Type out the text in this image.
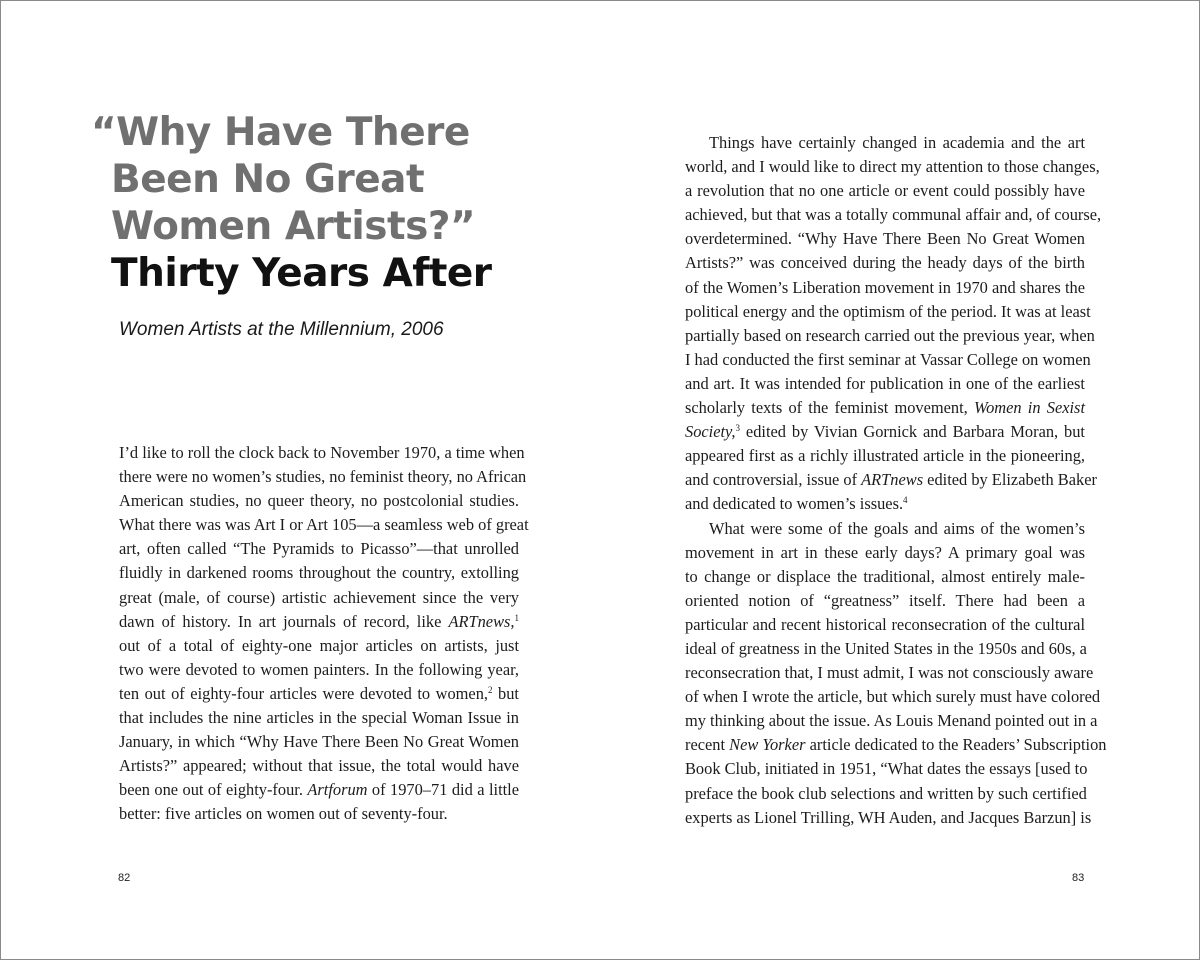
“Why Have There
Been No Great
Women Artists?”
Thirty Years After
Women Artists at the Millennium, 2006
I’d like to roll the clock back to November 1970, a time when
there were no women’s studies, no feminist theory, no African
American studies, no queer theory, no postcolonial studies.
What there was was Art I or Art 105—a seamless web of great
art, often called “The Pyramids to Picasso”—that unrolled
fluidly in darkened rooms throughout the country, extolling
great (male, of course) artistic achievement since the very
dawn of history. In art journals of record, like ARTnews,$^1$
out of a total of eighty-one major articles on artists, just
two were devoted to women painters. In the following year,
ten out of eighty-four articles were devoted to women,$^2$ but
that includes the nine articles in the special Woman Issue in
January, in which “Why Have There Been No Great Women
Artists?” appeared; without that issue, the total would have
been one out of eighty-four. Artforum of 1970–71 did a little
better: five articles on women out of seventy-four.
82
Things have certainly changed in academia and the art
world, and I would like to direct my attention to those changes,
a revolution that no one article or event could possibly have
achieved, but that was a totally communal affair and, of course,
overdetermined. “Why Have There Been No Great Women
Artists?” was conceived during the heady days of the birth
of the Women’s Liberation movement in 1970 and shares the
political energy and the optimism of the period. It was at least
partially based on research carried out the previous year, when
I had conducted the first seminar at Vassar College on women
and art. It was intended for publication in one of the earliest
scholarly texts of the feminist movement, Women in Sexist
Society,$^3$ edited by Vivian Gornick and Barbara Moran, but
appeared first as a richly illustrated article in the pioneering,
and controversial, issue of ARTnews edited by Elizabeth Baker
and dedicated to women’s issues.$^4$
What were some of the goals and aims of the women’s
movement in art in these early days? A primary goal was
to change or displace the traditional, almost entirely male-
oriented notion of “greatness” itself. There had been a
particular and recent historical reconsecration of the cultural
ideal of greatness in the United States in the 1950s and 60s, a
reconsecration that, I must admit, I was not consciously aware
of when I wrote the article, but which surely must have colored
my thinking about the issue. As Louis Menand pointed out in a
recent New Yorker article dedicated to the Readers’ Subscription
Book Club, initiated in 1951, “What dates the essays [used to
preface the book club selections and written by such certified
experts as Lionel Trilling, WH Auden, and Jacques Barzun] is
83
